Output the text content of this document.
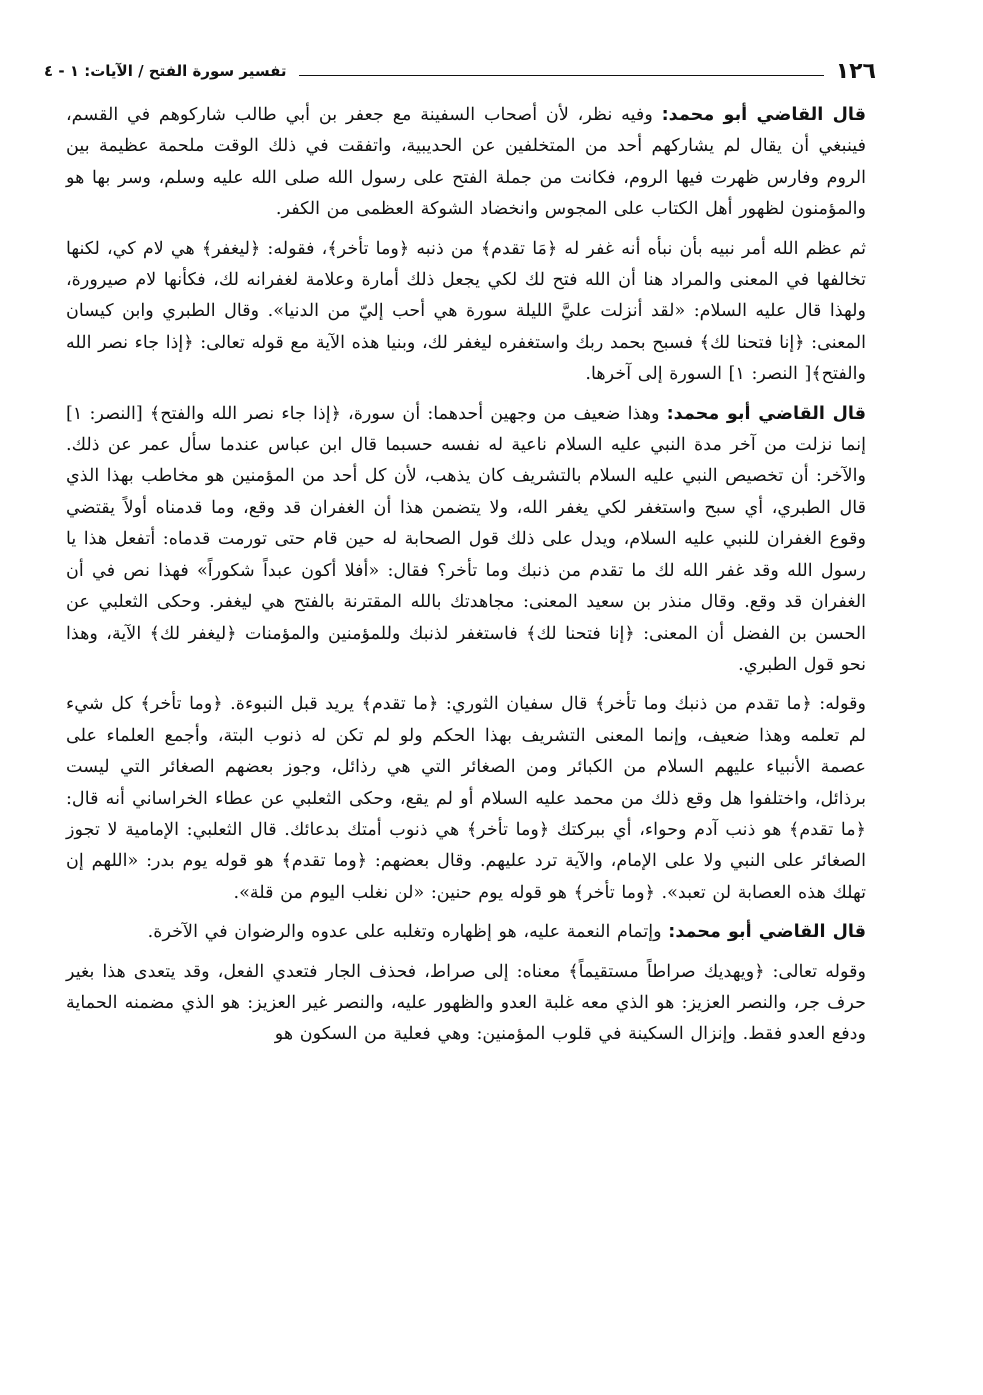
١٢٦
تفسير سورة الفتح / الآيات: ١ - ٤

قال القاضي أبو محمد: وفيه نظر، لأن أصحاب السفينة مع جعفر بن أبي طالب شاركوهم في القسم، فينبغي أن يقال لم يشاركهم أحد من المتخلفين عن الحديبية، واتفقت في ذلك الوقت ملحمة عظيمة بين الروم وفارس ظهرت فيها الروم، فكانت من جملة الفتح على رسول الله صلى الله عليه وسلم، وسر بها هو والمؤمنون لظهور أهل الكتاب على المجوس وانخضاد الشوكة العظمى من الكفر.

ثم عظم الله أمر نبيه بأن نبأه أنه غفر له ﴿مَا تقدم﴾ من ذنبه ﴿وما تأخر﴾، فقوله: ﴿ليغفر﴾ هي لام كي، لكنها تخالفها في المعنى والمراد هنا أن الله فتح لك لكي يجعل ذلك أمارة وعلامة لغفرانه لك، فكأنها لام صيرورة، ولهذا قال عليه السلام: «لقد أنزلت عليَّ الليلة سورة هي أحب إليّ من الدنيا». وقال الطبري وابن كيسان المعنى: ﴿إنا فتحنا لك﴾ فسبح بحمد ربك واستغفره ليغفر لك، وبنيا هذه الآية مع قوله تعالى: ﴿إذا جاء نصر الله والفتح﴾[ النصر: ١] السورة إلى آخرها.

قال القاضي أبو محمد: وهذا ضعيف من وجهين أحدهما: أن سورة، ﴿إذا جاء نصر الله والفتح﴾ [النصر: ١] إنما نزلت من آخر مدة النبي عليه السلام ناعية له نفسه حسبما قال ابن عباس عندما سأل عمر عن ذلك. والآخر: أن تخصيص النبي عليه السلام بالتشريف كان يذهب، لأن كل أحد من المؤمنين هو مخاطب بهذا الذي قال الطبري، أي سبح واستغفر لكي يغفر الله، ولا يتضمن هذا أن الغفران قد وقع، وما قدمناه أولاً يقتضي وقوع الغفران للنبي عليه السلام، ويدل على ذلك قول الصحابة له حين قام حتى تورمت قدماه: أتفعل هذا يا رسول الله وقد غفر الله لك ما تقدم من ذنبك وما تأخر؟ فقال: «أفلا أكون عبداً شكوراً» فهذا نص في أن الغفران قد وقع. وقال منذر بن سعيد المعنى: مجاهدتك بالله المقترنة بالفتح هي ليغفر. وحكى الثعلبي عن الحسن بن الفضل أن المعنى: ﴿إنا فتحنا لك﴾ فاستغفر لذنبك وللمؤمنين والمؤمنات ﴿ليغفر لك﴾ الآية، وهذا نحو قول الطبري.

وقوله: ﴿ما تقدم من ذنبك وما تأخر﴾ قال سفيان الثوري: ﴿ما تقدم﴾ يريد قبل النبوءة. ﴿وما تأخر﴾ كل شيء لم تعلمه وهذا ضعيف، وإنما المعنى التشريف بهذا الحكم ولو لم تكن له ذنوب البتة، وأجمع العلماء على عصمة الأنبياء عليهم السلام من الكبائر ومن الصغائر التي هي رذائل، وجوز بعضهم الصغائر التي ليست برذائل، واختلفوا هل وقع ذلك من محمد عليه السلام أو لم يقع، وحكى الثعلبي عن عطاء الخراساني أنه قال: ﴿ما تقدم﴾ هو ذنب آدم وحواء، أي ببركتك ﴿وما تأخر﴾ هي ذنوب أمتك بدعائك. قال الثعلبي: الإمامية لا تجوز الصغائر على النبي ولا على الإمام، والآية ترد عليهم. وقال بعضهم: ﴿وما تقدم﴾ هو قوله يوم بدر: «اللهم إن تهلك هذه العصابة لن تعبد». ﴿وما تأخر﴾ هو قوله يوم حنين: «لن نغلب اليوم من قلة».

قال القاضي أبو محمد: وإتمام النعمة عليه، هو إظهاره وتغلبه على عدوه والرضوان في الآخرة.

وقوله تعالى: ﴿ويهديك صراطاً مستقيماً﴾ معناه: إلى صراط، فحذف الجار فتعدي الفعل، وقد يتعدى هذا بغير حرف جر، والنصر العزيز: هو الذي معه غلبة العدو والظهور عليه، والنصر غير العزيز: هو الذي مضمنه الحماية ودفع العدو فقط. وإنزال السكينة في قلوب المؤمنين: وهي فعلية من السكون هو
